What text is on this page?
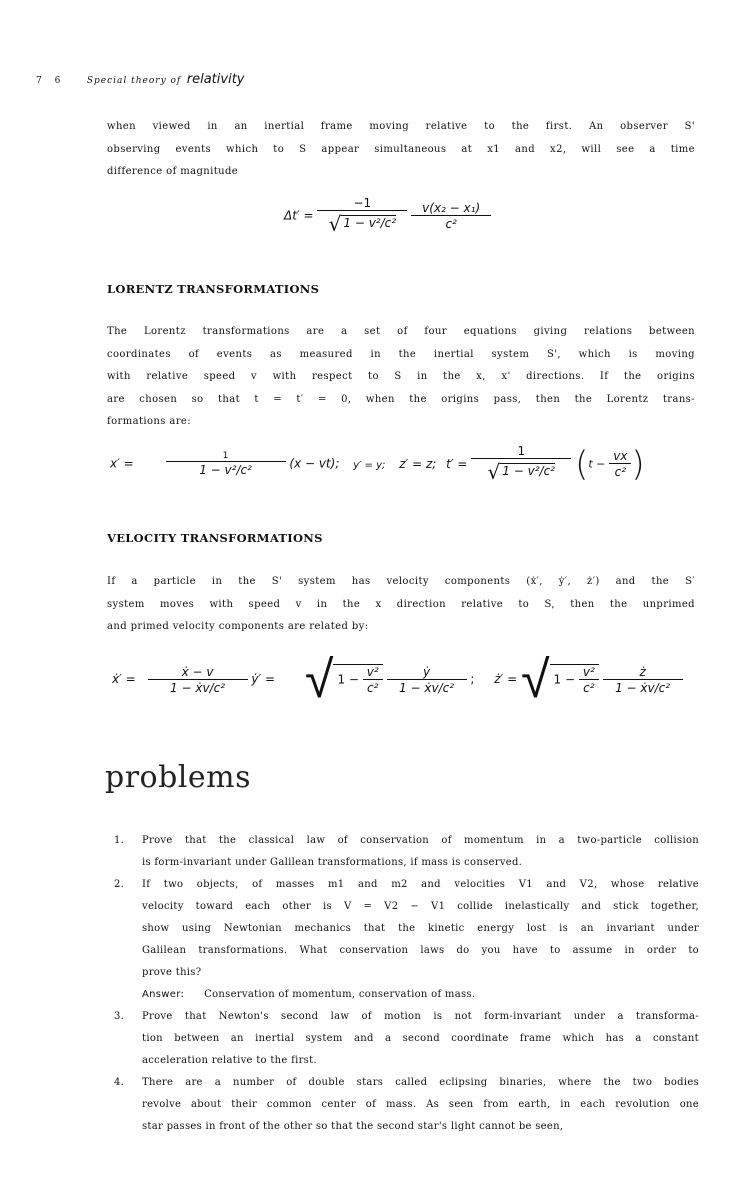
7 6 Special theory of relativity
when viewed in an inertial frame moving relative to the first. An observer S'
observing events which to S appear simultaneous at x1 and x2, will see a time
difference of magnitude
$\Delta t' = \frac{-1}{\text{√ 1 − v²/c²}}$
$\frac{\text{v(x₂ − x₁)}}{\text{c²}}$
LORENTZ TRANSFORMATIONS
The Lorentz transformations are a set of four equations giving relations between
coordinates of events as measured in the inertial system S', which is moving
with relative speed v with respect to S in the x, x' directions. If the origins
are chosen so that t = t′ = 0, when the origins pass, then the Lorentz trans-
formations are:
x′ =	$\frac{1}{\text{1 − v²/c²}} (x - vt)$; y′ = y; z′ = z; $t' = \frac{1}{\text{√ 1 − v²/c²}} (t - \frac{vx}{\text{c²}}$ )
VELOCITY TRANSFORMATIONS
If a particle in the S' system has velocity components (ẋ′, ẏ′, ż′) and the S′
system moves with speed v in the x direction relative to S, then the unprimed
and primed velocity components are related by:
ẋ′ = $\frac{\text{ẋ − v}}{\text{1 − ẋv/c²}}$ ẏ′ = √ $1 - \frac{\text{v²}}{\text{c²}}$
$\frac{\text{ẏ}}{\text{1 − ẋv/c²}}$ ; ż′ = √ $1 - \frac{\text{v²}}{\text{c²}}$
$\frac{ż}{\text{1 − ẋv/c²}}$
problems
1. Prove that the classical law of conservation of momentum in a two-particle collision
is form-invariant under Galilean transformations, if mass is conserved.
2. If two objects, of masses m1 and m2 and velocities V1 and V2, whose relative
velocity toward each other is V = V2 − V1 collide inelastically and stick together,
show using Newtonian mechanics that the kinetic energy lost is an invariant under
Galilean transformations. What conservation laws do you have to assume in order to
prove this?
Answer: Conservation of momentum, conservation of mass.
3. Prove that Newton's second law of motion is not form-invariant under a transforma-
tion between an inertial system and a second coordinate frame which has a constant
acceleration relative to the first.
4. There are a number of double stars called eclipsing binaries, where the two bodies
revolve about their common center of mass. As seen from earth, in each revolution one
star passes in front of the other so that the second star's light cannot be seen,
